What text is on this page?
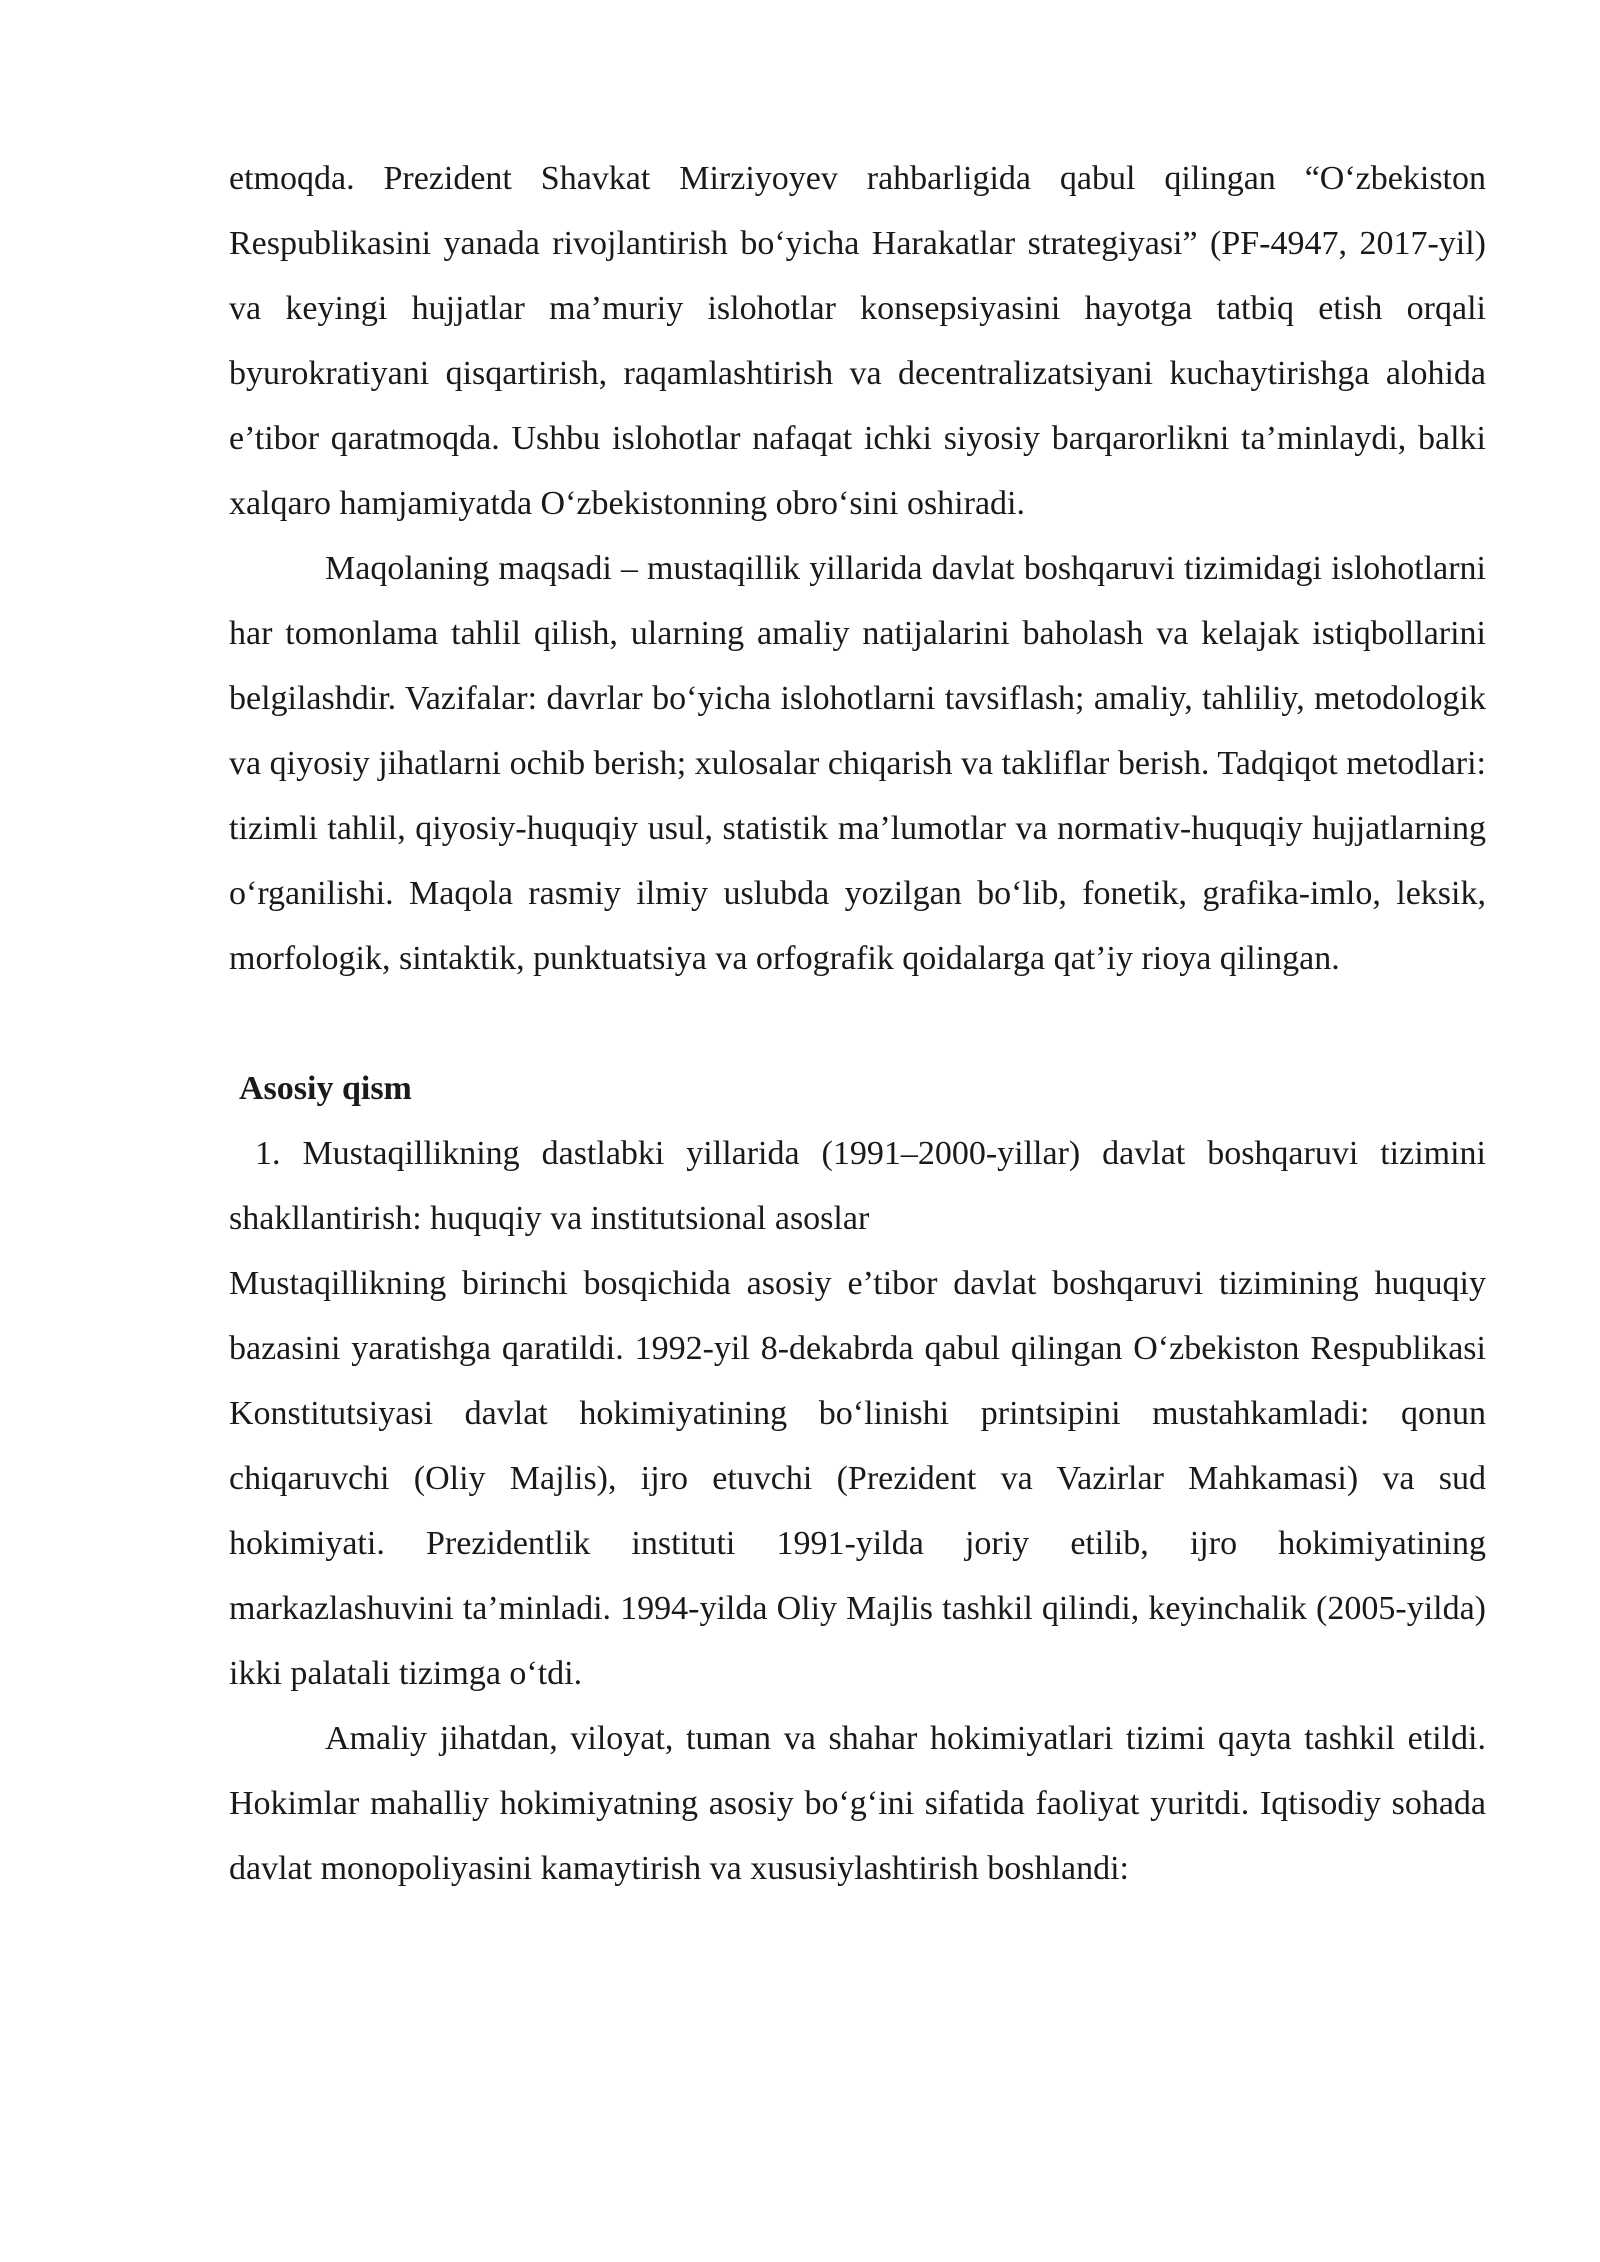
etmoqda. Prezident Shavkat Mirziyoyev rahbarligida qabul qilingan “O‘zbekiston Respublikasini yanada rivojlantirish bo‘yicha Harakatlar strategiyasi” (PF-4947, 2017-yil) va keyingi hujjatlar ma’muriy islohotlar konsepsiyasini hayotga tatbiq etish orqali byurokratiyani qisqartirish, raqamlashtirish va decentralizatsiyani kuchaytirishga alohida e’tibor qaratmoqda. Ushbu islohotlar nafaqat ichki siyosiy barqarorlikni ta’minlaydi, balki xalqaro hamjamiyatda O‘zbekistonning obro‘sini oshiradi.

Maqolaning maqsadi – mustaqillik yillarida davlat boshqaruvi tizimidagi islohotlarni har tomonlama tahlil qilish, ularning amaliy natijalarini baholash va kelajak istiqbollarini belgilashdir. Vazifalar: davrlar bo‘yicha islohotlarni tavsiflash; amaliy, tahliliy, metodologik va qiyosiy jihatlarni ochib berish; xulosalar chiqarish va takliflar berish. Tadqiqot metodlari: tizimli tahlil, qiyosiy-huquqiy usul, statistik ma’lumotlar va normativ-huquqiy hujjatlarning o‘rganilishi. Maqola rasmiy ilmiy uslubda yozilgan bo‘lib, fonetik, grafika-imlo, leksik, morfologik, sintaktik, punktuatsiya va orfografik qoidalarga qat’iy rioya qilingan.

Asosiy qism

1. Mustaqillikning dastlabki yillarida (1991–2000-yillar) davlat boshqaruvi tizimini shakllantirish: huquqiy va institutsional asoslar

Mustaqillikning birinchi bosqichida asosiy e’tibor davlat boshqaruvi tizimining huquqiy bazasini yaratishga qaratildi. 1992-yil 8-dekabrda qabul qilingan O‘zbekiston Respublikasi Konstitutsiyasi davlat hokimiyatining bo‘linishi printsipini mustahkamladi: qonun chiqaruvchi (Oliy Majlis), ijro etuvchi (Prezident va Vazirlar Mahkamasi) va sud hokimiyati. Prezidentlik instituti 1991-yilda joriy etilib, ijro hokimiyatining markazlashuvini ta’minladi. 1994-yilda Oliy Majlis tashkil qilindi, keyinchalik (2005-yilda) ikki palatali tizimga o‘tdi.

Amaliy jihatdan, viloyat, tuman va shahar hokimiyatlari tizimi qayta tashkil etildi. Hokimlar mahalliy hokimiyatning asosiy bo‘g‘ini sifatida faoliyat yuritdi. Iqtisodiy sohada davlat monopoliyasini kamaytirish va xususiylashtirish boshlandi:
